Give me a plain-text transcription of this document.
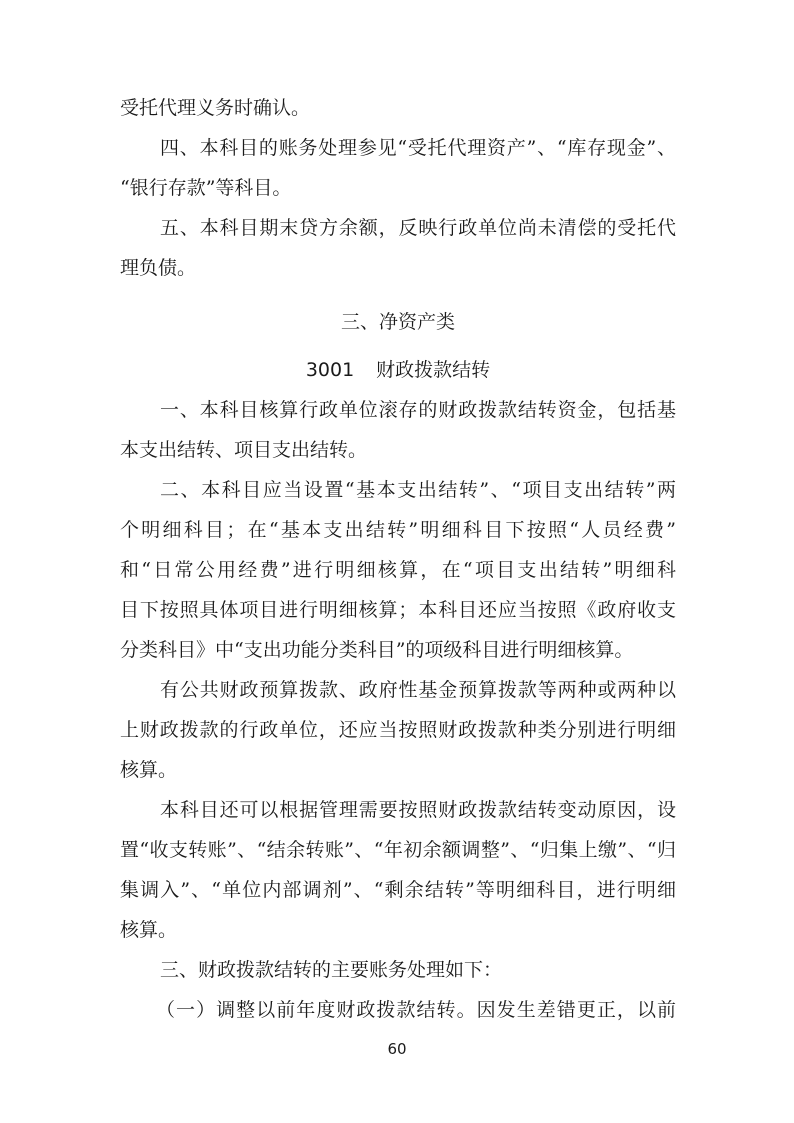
受托代理义务时确认。
四、本科目的账务处理参见“受托代理资产”、“库存现金”、
“银行存款”等科目。
五、本科目期末贷方余额，反映行政单位尚未清偿的受托代
理负债。
三、净资产类
3001 财政拨款结转
一、本科目核算行政单位滚存的财政拨款结转资金，包括基
本支出结转、项目支出结转。
二、本科目应当设置“基本支出结转”、“项目支出结转”两
个明细科目；在“基本支出结转”明细科目下按照“人员经费”
和“日常公用经费”进行明细核算，在“项目支出结转”明细科
目下按照具体项目进行明细核算；本科目还应当按照《政府收支
分类科目》中“支出功能分类科目”的项级科目进行明细核算。
有公共财政预算拨款、政府性基金预算拨款等两种或两种以
上财政拨款的行政单位，还应当按照财政拨款种类分别进行明细
核算。
本科目还可以根据管理需要按照财政拨款结转变动原因，设
置“收支转账”、“结余转账”、“年初余额调整”、“归集上缴”、“归
集调入”、“单位内部调剂”、“剩余结转”等明细科目，进行明细
核算。
三、财政拨款结转的主要账务处理如下：
（一）调整以前年度财政拨款结转。因发生差错更正，以前
60
